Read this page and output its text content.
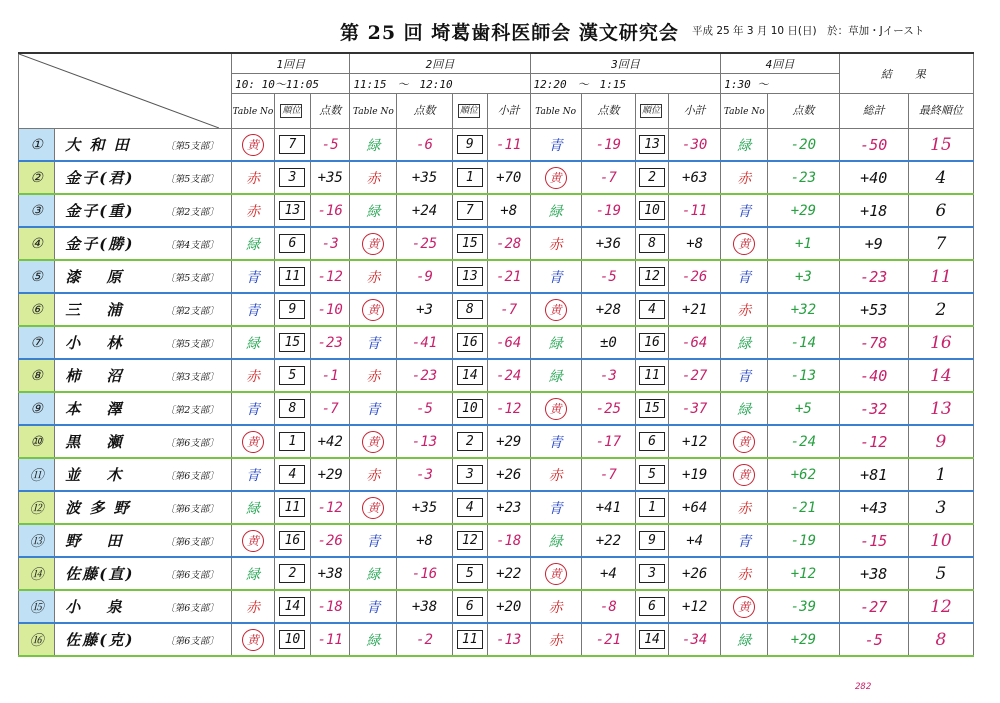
第 25 回 埼葛歯科医師会 漢文研究会 平成 25 年 3 月 10 日(日)　於：草加・Jイースト
	1回目			2回目				3回目				4回目		結　果	
			10: 10〜11:05			11:15　〜　12:10				12:20　〜　1:15				1:30 〜			
			Table No	順位	点数	Table No	点数	順位	小計	Table No	点数	順位	小計	Table No	点数	総計	最終順位
①	大 和 田	〔第5支部〕	黄	7	-5	緑	-6	9	-11	青	-19	13	-30	緑	-20	-50	15
②	金子(君)	〔第5支部〕	赤	3	+35	赤	+35	1	+70	黄	-7	2	+63	赤	-23	+40	4
③	金子(重)	〔第2支部〕	赤	13	-16	緑	+24	7	+8	緑	-19	10	-11	青	+29	+18	6
④	金子(勝)	〔第4支部〕	緑	6	-3	黄	-25	15	-28	赤	+36	8	+8	黄	+1	+9	7
⑤	漆　 原	〔第5支部〕	青	11	-12	赤	-9	13	-21	青	-5	12	-26	青	+3	-23	11
⑥	三　 浦	〔第2支部〕	青	9	-10	黄	+3	8	-7	黄	+28	4	+21	赤	+32	+53	2
⑦	小　 林	〔第5支部〕	緑	15	-23	青	-41	16	-64	緑	±0	16	-64	緑	-14	-78	16
⑧	柿　 沼	〔第3支部〕	赤	5	-1	赤	-23	14	-24	緑	-3	11	-27	青	-13	-40	14
⑨	本　 澤	〔第2支部〕	青	8	-7	青	-5	10	-12	黄	-25	15	-37	緑	+5	-32	13
⑩	黒　 瀬	〔第6支部〕	黄	1	+42	黄	-13	2	+29	青	-17	6	+12	黄	-24	-12	9
⑪	並　 木	〔第6支部〕	青	4	+29	赤	-3	3	+26	赤	-7	5	+19	黄	+62	+81	1
⑫	波 多 野	〔第6支部〕	緑	11	-12	黄	+35	4	+23	青	+41	1	+64	赤	-21	+43	3
⑬	野　 田	〔第6支部〕	黄	16	-26	青	+8	12	-18	緑	+22	9	+4	青	-19	-15	10
⑭	佐藤(直)	〔第6支部〕	緑	2	+38	緑	-16	5	+22	黄	+4	3	+26	赤	+12	+38	5
⑮	小　 泉	〔第6支部〕	赤	14	-18	青	+38	6	+20	赤	-8	6	+12	黄	-39	-27	12
⑯	佐藤(克)	〔第6支部〕	黄	10	-11	緑	-2	11	-13	赤	-21	14	-34	緑	+29	-5	8
282
